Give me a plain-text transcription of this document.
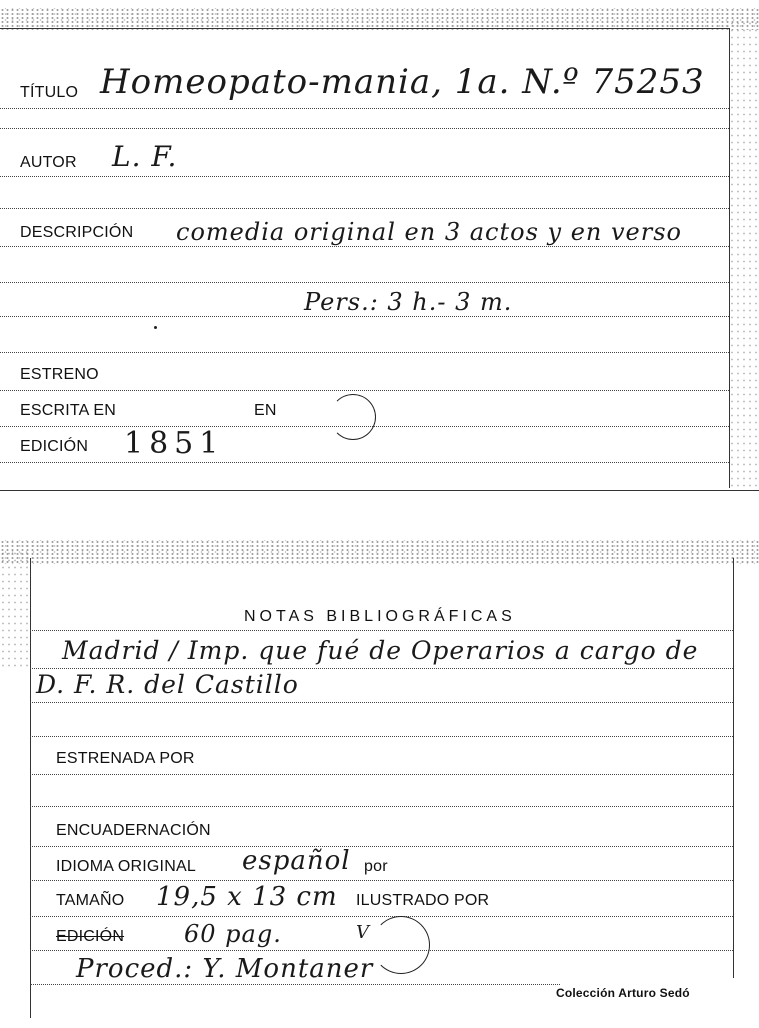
TÍTULO Homeopato-mania, 1a. N.º 75253
AUTOR L. F.
DESCRIPCIÓN comedia original en 3 actos y en verso
Pers.: 3 h.- 3 m.
ESTRENO
ESCRITA EN	EN
EDICIÓN 1851
NOTAS BIBLIOGRÁFICAS
Madrid / Imp. que fué de Operarios a cargo de
D. F. R. del Castillo
ESTRENADA POR
ENCUADERNACIÓN
IDIOMA ORIGINAL español por
TAMAÑO 19,5 x 13 cm ILUSTRADO POR
EDICIÓN 60 pag.	V
Proced.: Y. Montaner
Colección Arturo Sedó
